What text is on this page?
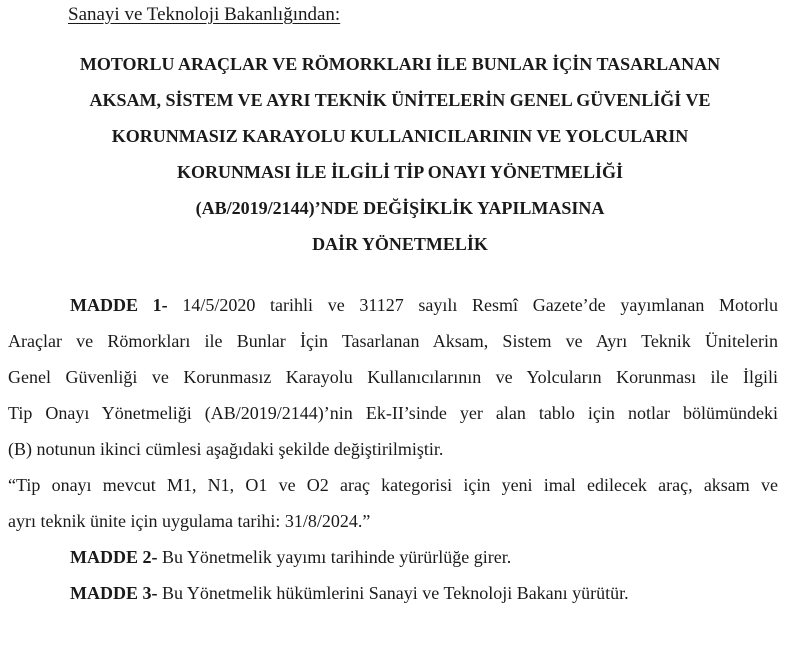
Sanayi ve Teknoloji Bakanlığından:
MOTORLU ARAÇLAR VE RÖMORKLARI İLE BUNLAR İÇİN TASARLANAN
AKSAM, SİSTEM VE AYRI TEKNİK ÜNİTELERİN GENEL GÜVENLİĞİ VE
KORUNMASIZ KARAYOLU KULLANICILARININ VE YOLCULARIN
KORUNMASI İLE İLGİLİ TİP ONAYI YÖNETMELİĞİ
(AB/2019/2144)’NDE DEĞİŞİKLİK YAPILMASINA
DAİR YÖNETMELİK
MADDE 1- 14/5/2020 tarihli ve 31127 sayılı Resmî Gazete’de yayımlanan Motorlu
Araçlar ve Römorkları ile Bunlar İçin Tasarlanan Aksam, Sistem ve Ayrı Teknik Ünitelerin
Genel Güvenliği ve Korunmasız Karayolu Kullanıcılarının ve Yolcuların Korunması ile İlgili
Tip Onayı Yönetmeliği (AB/2019/2144)’nin Ek-II’sinde yer alan tablo için notlar bölümündeki
(B) notunun ikinci cümlesi aşağıdaki şekilde değiştirilmiştir.
“Tip onayı mevcut M1, N1, O1 ve O2 araç kategorisi için yeni imal edilecek araç, aksam ve
ayrı teknik ünite için uygulama tarihi: 31/8/2024.”
MADDE 2- Bu Yönetmelik yayımı tarihinde yürürlüğe girer.
MADDE 3- Bu Yönetmelik hükümlerini Sanayi ve Teknoloji Bakanı yürütür.
